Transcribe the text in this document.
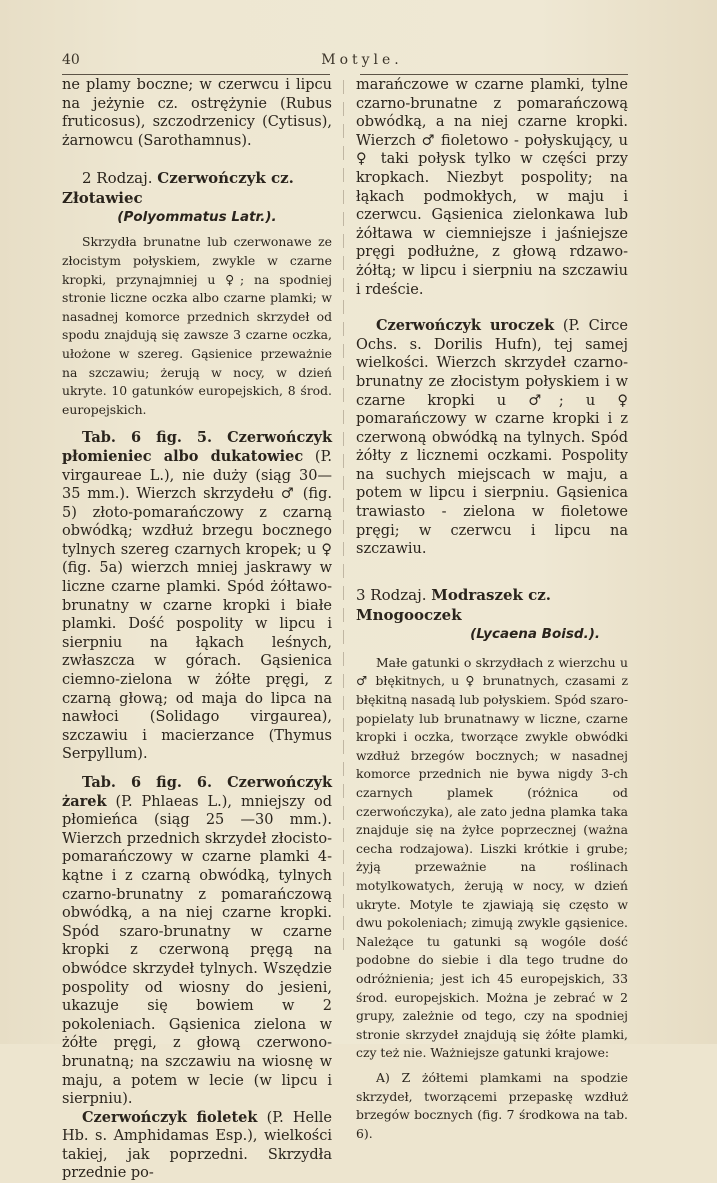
40	Motyle.

ne plamy boczne; w czerwcu i lipcu na jeżynie cz. ostrężynie (Rubus fruticosus), szczodrzenicy (Cytisus), żarnowcu (Sarothamnus).

2 Rodzaj. Czerwończyk cz. Złotawiec
(Polyommatus Latr.).

Skrzydła brunatne lub czerwonawe ze złocistym połyskiem, zwykle w czarne kropki, przynajmniej u ♀; na spodniej stronie liczne oczka albo czarne plamki; w nasadnej komorce przednich skrzydeł od spodu znajdują się zawsze 3 czarne oczka, ułożone w szereg. Gąsienice przeważnie na szczawiu; żerują w nocy, w dzień ukryte. 10 gatunków europejskich, 8 środ. europejskich.

Tab. 6 fig. 5. Czerwończyk płomieniec albo dukatowiec (P. virgaureae L.), nie duży (siąg 30—35 mm.). Wierzch skrzydełu ♂ (fig. 5) złoto-pomarańczowy z czarną obwódką; wzdłuż brzegu bocznego tylnych szereg czarnych kropek; u ♀ (fig. 5a) wierzch mniej jaskrawy w liczne czarne plamki. Spód żółtawo-brunatny w czarne kropki i białe plamki. Dość pospolity w lipcu i sierpniu na łąkach leśnych, zwłaszcza w górach. Gąsienica ciemno-zielona w żółte pręgi, z czarną głową; od maja do lipca na nawłoci (Solidago virgaurea), szczawiu i macierzance (Thymus Serpyllum).

Tab. 6 fig. 6. Czerwończyk żarek (P. Phlaeas L.), mniejszy od płomieńca (siąg 25 —30 mm.). Wierzch przednich skrzydeł złocisto-pomarańczowy w czarne plamki 4-kątne i z czarną obwódką, tylnych czarno-brunatny z pomarańczową obwódką, a na niej czarne kropki. Spód szaro-brunatny w czarne kropki z czerwoną pręgą na obwódce skrzydeł tylnych. Wszędzie pospolity od wiosny do jesieni, ukazuje się bowiem w 2 pokoleniach. Gąsienica zielona w żółte pręgi, z głową czerwono-brunatną; na szczawiu na wiosnę w maju, a potem w lecie (w lipcu i sierpniu).

Czerwończyk fioletek (P. Helle Hb. s. Amphidamas Esp.), wielkości takiej, jak poprzedni. Skrzydła przednie po-

marańczowe w czarne plamki, tylne czarno-brunatne z pomarańczową obwódką, a na niej czarne kropki. Wierzch ♂ fioletowo - połyskujący, u ♀ taki połysk tylko w części przy kropkach. Niezbyt pospolity; na łąkach podmokłych, w maju i czerwcu. Gąsienica zielonkawa lub żółtawa w ciemniejsze i jaśniejsze pręgi podłużne, z głową rdzawo-żółtą; w lipcu i sierpniu na szczawiu i rdeście.

Czerwończyk uroczek (P. Circe Ochs. s. Dorilis Hufn), tej samej wielkości. Wierzch skrzydeł czarno-brunatny ze złocistym połyskiem i w czarne kropki u ♂; u ♀ pomarańczowy w czarne kropki i z czerwoną obwódką na tylnych. Spód żółty z licznemi oczkami. Pospolity na suchych miejscach w maju, a potem w lipcu i sierpniu. Gąsienica trawiasto - zielona w fioletowe pręgi; w czerwcu i lipcu na szczawiu.

3 Rodzaj. Modraszek cz. Mnogooczek
(Lycaena Boisd.).

Małe gatunki o skrzydłach z wierzchu u ♂ błękitnych, u ♀ brunatnych, czasami z błękitną nasadą lub połyskiem. Spód szaro-popielaty lub brunatnawy w liczne, czarne kropki i oczka, tworzące zwykle obwódki wzdłuż brzegów bocznych; w nasadnej komorce przednich nie bywa nigdy 3-ch czarnych plamek (różnica od czerwończyka), ale zato jedna plamka taka znajduje się na żyłce poprzecznej (ważna cecha rodzajowa). Liszki krótkie i grube; żyją przeważnie na roślinach motylkowatych, żerują w nocy, w dzień ukryte. Motyle te zjawiają się często w dwu pokoleniach; zimują zwykle gąsienice. Należące tu gatunki są wogóle dość podobne do siebie i dla tego trudne do odróżnienia; jest ich 45 europejskich, 33 środ. europejskich. Można je zebrać w 2 grupy, zależnie od tego, czy na spodniej stronie skrzydeł znajdują się żółte plamki, czy też nie. Ważniejsze gatunki krajowe:

A) Z żółtemi plamkami na spodzie skrzydeł, tworzącemi przepaskę wzdłuż brzegów bocznych (fig. 7 środkowa na tab. 6).
